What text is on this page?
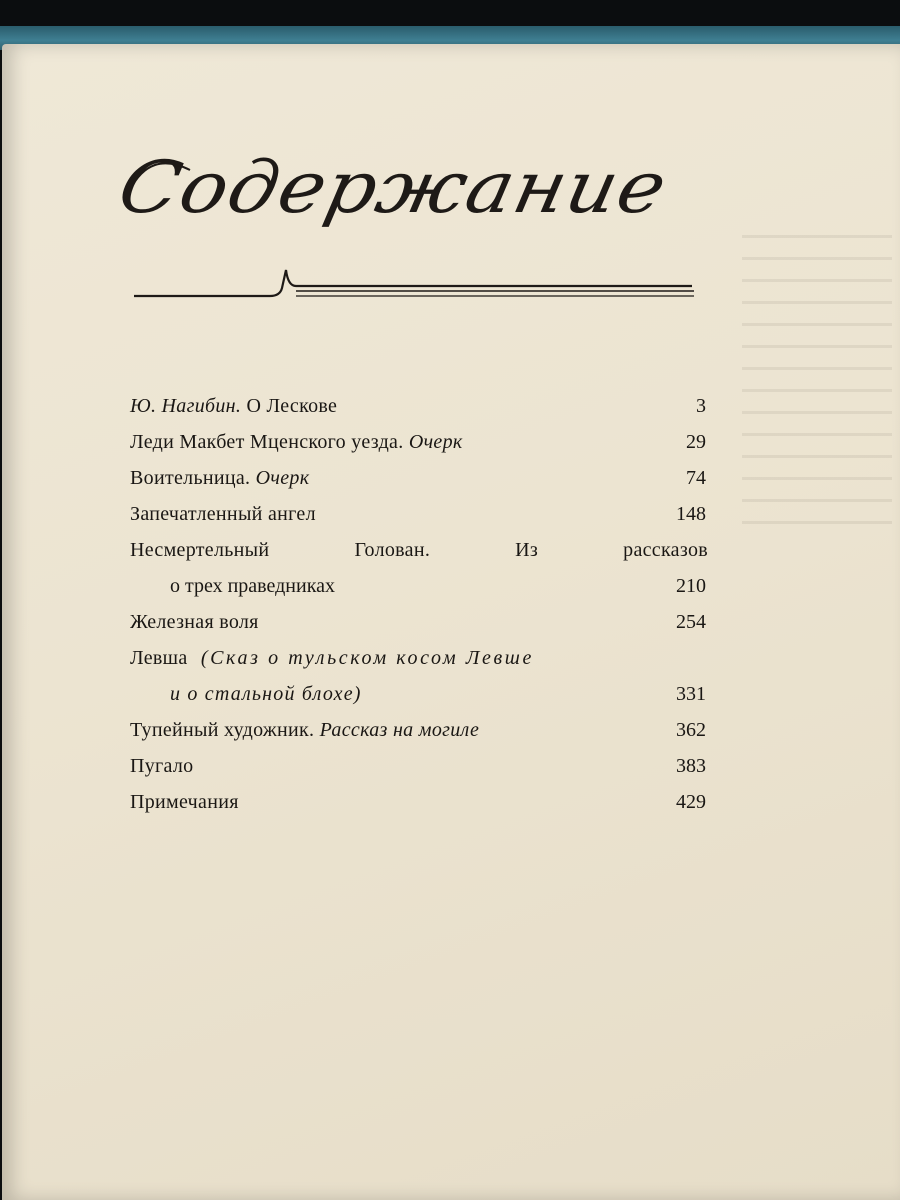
Содержание
Ю. Нагибин. О Лескове	3
Леди Макбет Мценского уезда. Очерк	29
Воительница. Очерк	74
Запечатленный ангел	148
Несмертельный Голован. Из рассказов
о трех праведниках	210
Железная воля	254
Левша (Сказ о тульском косом Левше
и о стальной блохе)	331
Тупейный художник. Рассказ на могиле	362
Пугало	383
Примечания	429
